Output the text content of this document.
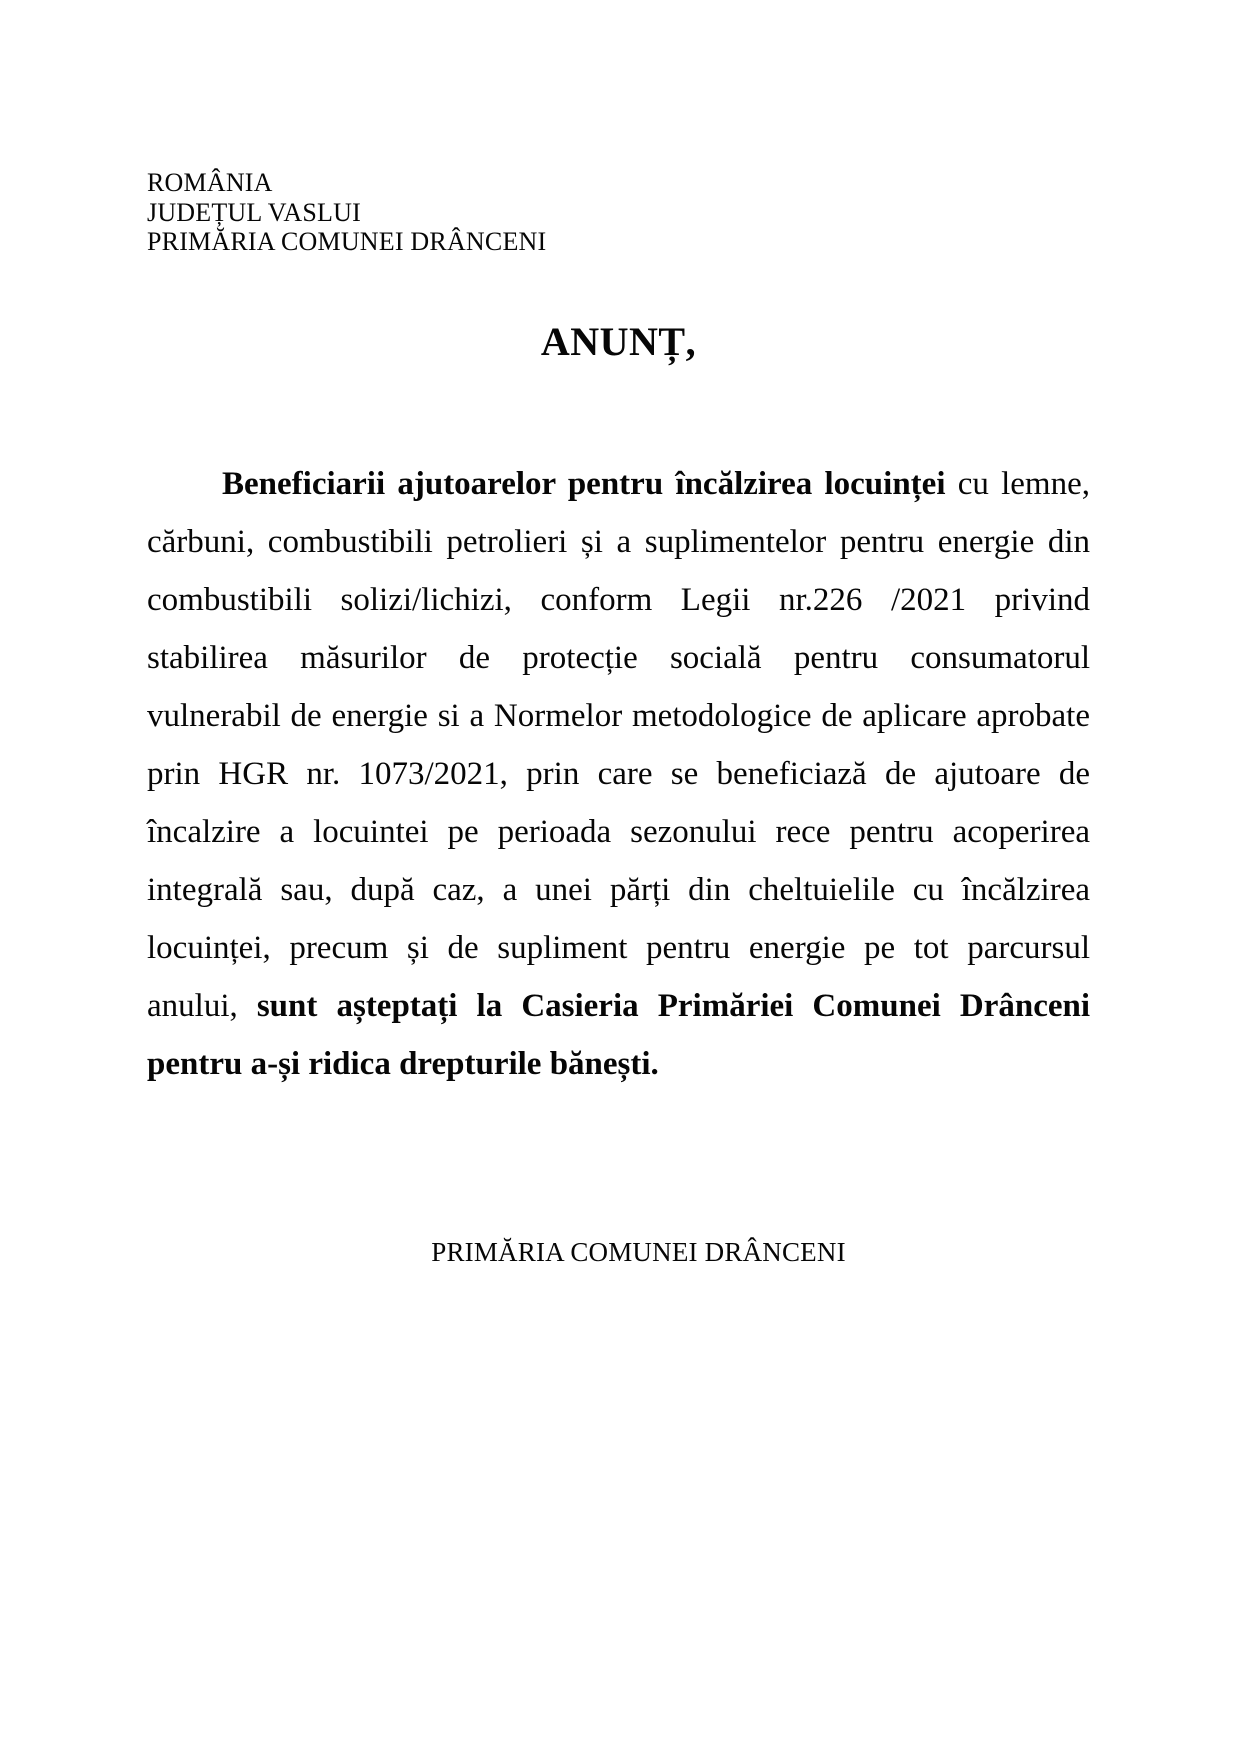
ROMÂNIA
JUDEȚUL VASLUI
PRIMĂRIA COMUNEI DRÂNCENI
ANUNȚ,
Beneficiarii ajutoarelor pentru încălzirea locuinței cu lemne,
cărbuni, combustibili petrolieri și a suplimentelor pentru energie din
combustibili solizi/lichizi, conform Legii nr.226 /2021 privind
stabilirea măsurilor de protecție socială pentru consumatorul
vulnerabil de energie si a Normelor metodologice de aplicare aprobate
prin HGR nr. 1073/2021, prin care se beneficiază de ajutoare de
încalzire a locuintei pe perioada sezonului rece pentru acoperirea
integrală sau, după caz, a unei părți din cheltuielile cu încălzirea
locuinței, precum și de supliment pentru energie pe tot parcursul
anului, sunt așteptați la Casieria Primăriei Comunei Drânceni
pentru a-și ridica drepturile bănești.
PRIMĂRIA COMUNEI DRÂNCENI
